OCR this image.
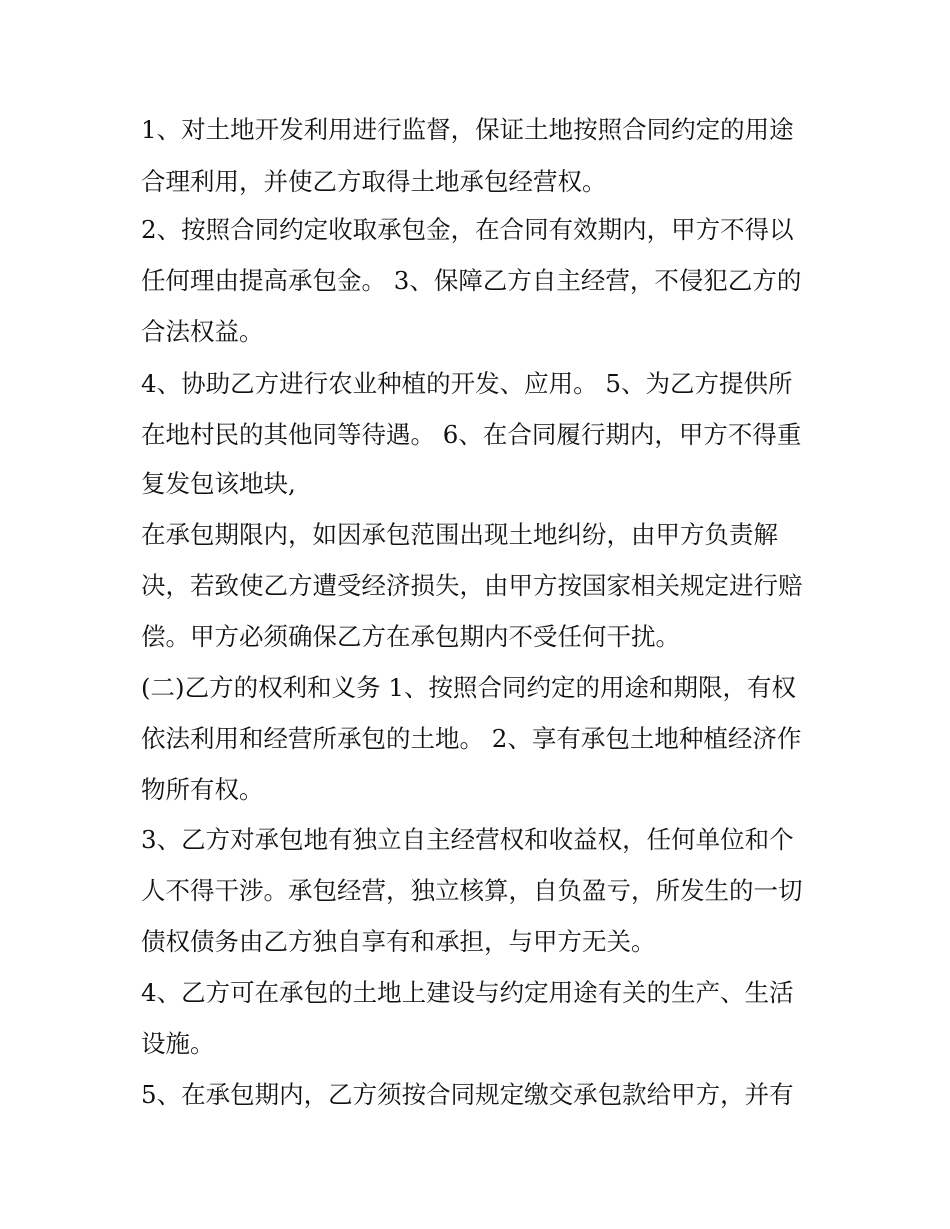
1、对土地开发利用进行监督，保证土地按照合同约定的用途

合理利用，并使乙方取得土地承包经营权。

2、按照合同约定收取承包金，在合同有效期内，甲方不得以

任何理由提高承包金。 3、保障乙方自主经营，不侵犯乙方的

合法权益。

4、协助乙方进行农业种植的开发、应用。 5、为乙方提供所

在地村民的其他同等待遇。 6、在合同履行期内，甲方不得重

复发包该地块,

在承包期限内，如因承包范围出现土地纠纷，由甲方负责解

决，若致使乙方遭受经济损失，由甲方按国家相关规定进行赔

偿。甲方必须确保乙方在承包期内不受任何干扰。

(二)乙方的权利和义务 1、按照合同约定的用途和期限，有权

依法利用和经营所承包的土地。 2、享有承包土地种植经济作

物所有权。

3、乙方对承包地有独立自主经营权和收益权，任何单位和个

人不得干涉。承包经营，独立核算，自负盈亏，所发生的一切

债权债务由乙方独自享有和承担，与甲方无关。

4、乙方可在承包的土地上建设与约定用途有关的生产、生活

设施。

5、在承包期内，乙方须按合同规定缴交承包款给甲方，并有
